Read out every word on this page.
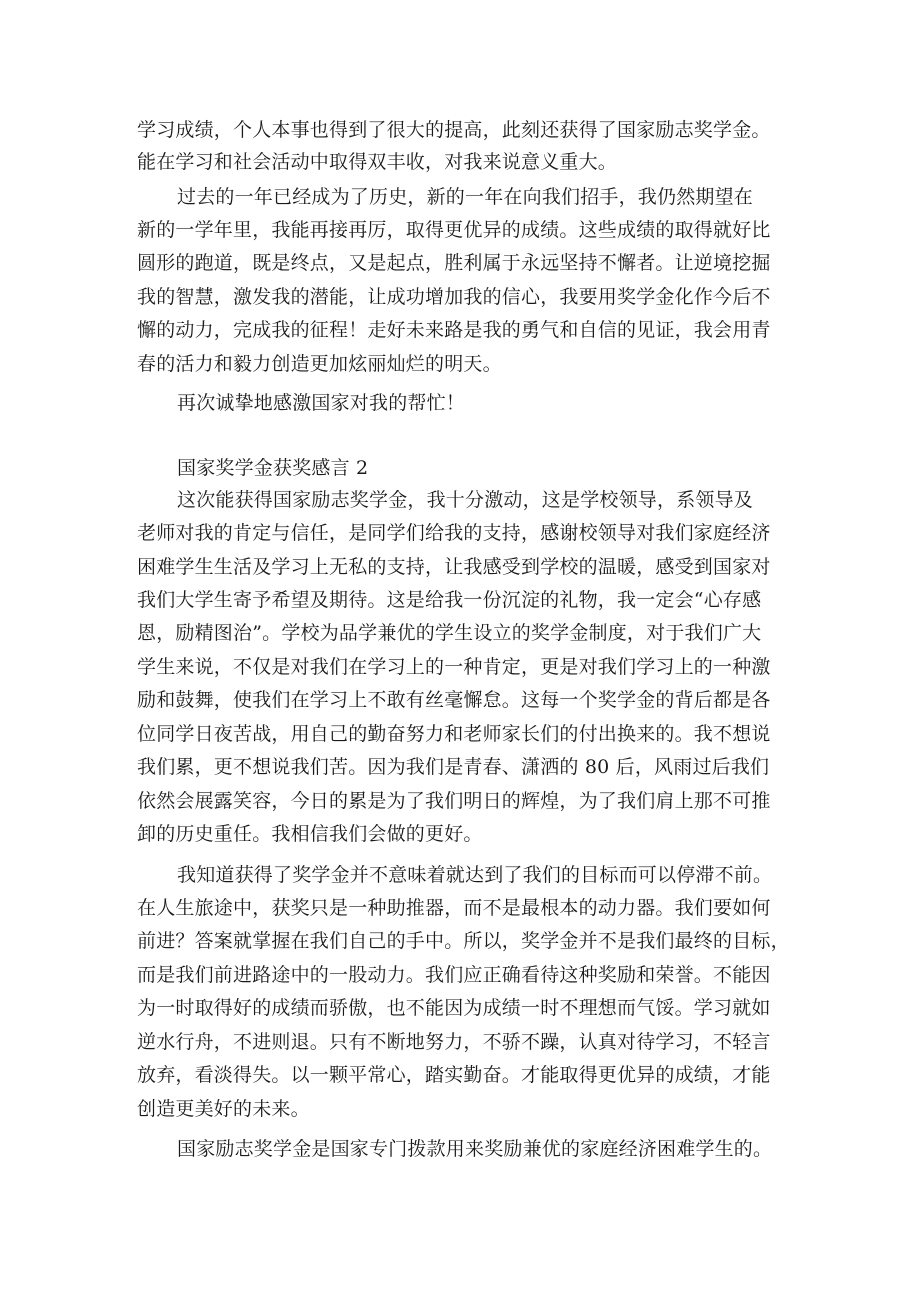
学习成绩，个人本事也得到了很大的提高，此刻还获得了国家励志奖学金。
能在学习和社会活动中取得双丰收，对我来说意义重大。
过去的一年已经成为了历史，新的一年在向我们招手，我仍然期望在
新的一学年里，我能再接再厉，取得更优异的成绩。这些成绩的取得就好比
圆形的跑道，既是终点，又是起点，胜利属于永远坚持不懈者。让逆境挖掘
我的智慧，激发我的潜能，让成功增加我的信心，我要用奖学金化作今后不
懈的动力，完成我的征程！走好未来路是我的勇气和自信的见证，我会用青
春的活力和毅力创造更加炫丽灿烂的明天。
再次诚挚地感激国家对我的帮忙！
国家奖学金获奖感言 2
这次能获得国家励志奖学金，我十分激动，这是学校领导，系领导及
老师对我的肯定与信任，是同学们给我的支持，感谢校领导对我们家庭经济
困难学生生活及学习上无私的支持，让我感受到学校的温暖，感受到国家对
我们大学生寄予希望及期待。这是给我一份沉淀的礼物，我一定会“心存感
恩，励精图治”。学校为品学兼优的学生设立的奖学金制度，对于我们广大
学生来说，不仅是对我们在学习上的一种肯定，更是对我们学习上的一种激
励和鼓舞，使我们在学习上不敢有丝毫懈怠。这每一个奖学金的背后都是各
位同学日夜苦战，用自己的勤奋努力和老师家长们的付出换来的。我不想说
我们累，更不想说我们苦。因为我们是青春、潇洒的 80 后，风雨过后我们
依然会展露笑容，今日的累是为了我们明日的辉煌，为了我们肩上那不可推
卸的历史重任。我相信我们会做的更好。
我知道获得了奖学金并不意味着就达到了我们的目标而可以停滞不前。
在人生旅途中，获奖只是一种助推器，而不是最根本的动力器。我们要如何
前进？答案就掌握在我们自己的手中。所以，奖学金并不是我们最终的目标，
而是我们前进路途中的一股动力。我们应正确看待这种奖励和荣誉。不能因
为一时取得好的成绩而骄傲，也不能因为成绩一时不理想而气馁。学习就如
逆水行舟，不进则退。只有不断地努力，不骄不躁，认真对待学习，不轻言
放弃，看淡得失。以一颗平常心，踏实勤奋。才能取得更优异的成绩，才能
创造更美好的未来。
国家励志奖学金是国家专门拨款用来奖励兼优的家庭经济困难学生的。
